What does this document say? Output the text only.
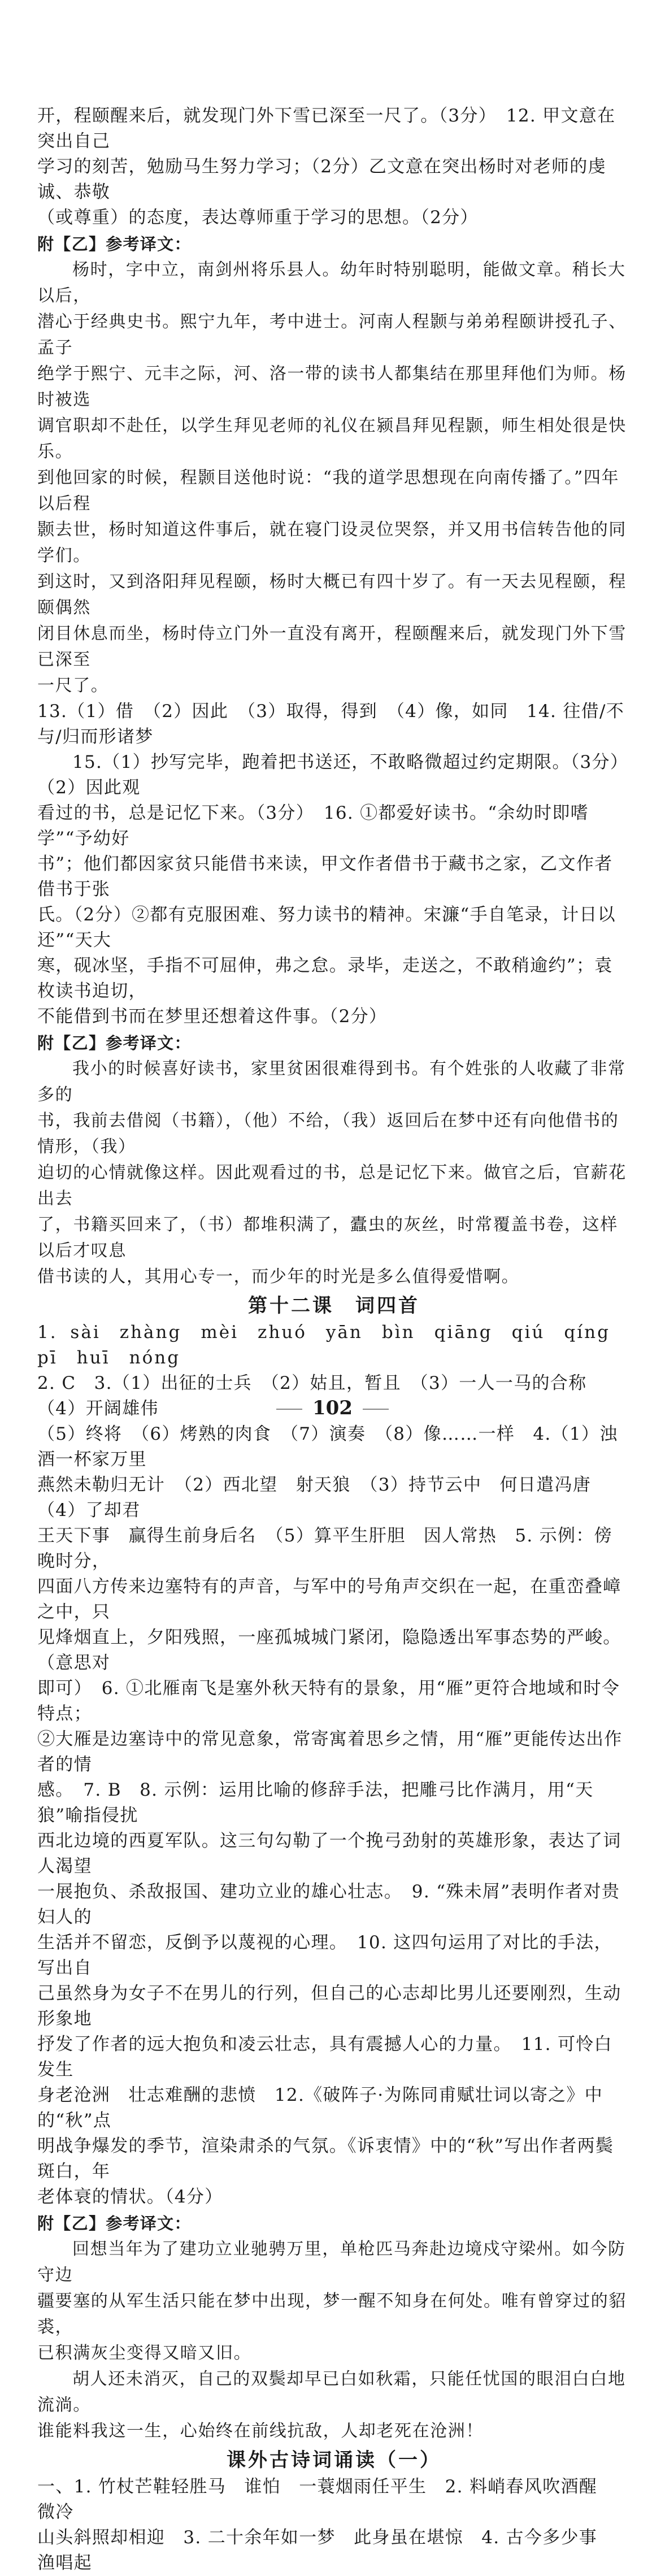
开，程颐醒来后，就发现门外下雪已深至一尺了。（3分）　12. 甲文意在突出自己

学习的刻苦，勉励马生努力学习；（2分）乙文意在突出杨时对老师的虔诚、恭敬

（或尊重）的态度，表达尊师重于学习的思想。（2分）

附【乙】参考译文：

杨时，字中立，南剑州将乐县人。幼年时特别聪明，能做文章。稍长大以后，

潜心于经典史书。熙宁九年，考中进士。河南人程颢与弟弟程颐讲授孔子、孟子

绝学于熙宁、元丰之际，河、洛一带的读书人都集结在那里拜他们为师。杨时被选

调官职却不赴任，以学生拜见老师的礼仪在颍昌拜见程颢，师生相处很是快乐。

到他回家的时候，程颢目送他时说：“我的道学思想现在向南传播了。”四年以后程

颢去世，杨时知道这件事后，就在寝门设灵位哭祭，并又用书信转告他的同学们。

到这时，又到洛阳拜见程颐，杨时大概已有四十岁了。有一天去见程颐，程颐偶然

闭目休息而坐，杨时侍立门外一直没有离开，程颐醒来后，就发现门外下雪已深至

一尺了。

13.（1）借　（2）因此　（3）取得，得到　（4）像，如同　14. 往借/不与/归而形诸梦

15.（1）抄写完毕，跑着把书送还，不敢略微超过约定期限。（3分）　（2）因此观

看过的书，总是记忆下来。（3分）　16. ①都爱好读书。“余幼时即嗜学”“予幼好

书”；他们都因家贫只能借书来读，甲文作者借书于藏书之家，乙文作者借书于张

氏。（2分）②都有克服困难、努力读书的精神。宋濂“手自笔录，计日以还”“天大

寒，砚冰坚，手指不可屈伸，弗之怠。录毕，走送之，不敢稍逾约”；袁枚读书迫切，

不能借到书而在梦里还想着这件事。（2分）

附【乙】参考译文：

我小的时候喜好读书，家里贫困很难得到书。有个姓张的人收藏了非常多的

书，我前去借阅（书籍），（他）不给，（我）返回后在梦中还有向他借书的情形，（我）

迫切的心情就像这样。因此观看过的书，总是记忆下来。做官之后，官薪花出去

了，书籍买回来了，（书）都堆积满了，蠹虫的灰丝，时常覆盖书卷，这样以后才叹息

借书读的人，其用心专一，而少年的时光是多么值得爱惜啊。

第十二课　词四首

1. sài　zhàng　mèi　zhuó　yān　bìn　qiāng　qiú　qíng　pī　huī　nóng

2. C　3.（1）出征的士兵　（2）姑且，暂且　（3）一人一马的合称　（4）开阔雄伟

（5）终将　（6）烤熟的肉食　（7）演奏　（8）像……一样　4.（1）浊酒一杯家万里

燕然未勒归无计　（2）西北望　射天狼　（3）持节云中　何日遣冯唐　（4）了却君

王天下事　赢得生前身后名　（5）算平生肝胆　因人常热　5. 示例：傍晚时分，

四面八方传来边塞特有的声音，与军中的号角声交织在一起，在重峦叠嶂之中，只

见烽烟直上，夕阳残照，一座孤城城门紧闭，隐隐透出军事态势的严峻。（意思对

即可）　6. ①北雁南飞是塞外秋天特有的景象，用“雁”更符合地域和时令特点；

②大雁是边塞诗中的常见意象，常寄寓着思乡之情，用“雁”更能传达出作者的情

感。　7. B　8. 示例：运用比喻的修辞手法，把雕弓比作满月，用“天狼”喻指侵扰

西北边境的西夏军队。这三句勾勒了一个挽弓劲射的英雄形象，表达了词人渴望

一展抱负、杀敌报国、建功立业的雄心壮志。　9. “殊未屑”表明作者对贵妇人的

生活并不留恋，反倒予以蔑视的心理。　10. 这四句运用了对比的手法，写出自

己虽然身为女子不在男儿的行列，但自己的心志却比男儿还要刚烈，生动形象地

抒发了作者的远大抱负和凌云壮志，具有震撼人心的力量。　11. 可怜白发生

身老沧洲　壮志难酬的悲愤　12.《破阵子·为陈同甫赋壮词以寄之》中的“秋”点

明战争爆发的季节，渲染肃杀的气氛。《诉衷情》中的“秋”写出作者两鬓斑白，年

老体衰的情状。（4分）

附【乙】参考译文：

回想当年为了建功立业驰骋万里，单枪匹马奔赴边境戍守梁州。如今防守边

疆要塞的从军生活只能在梦中出现，梦一醒不知身在何处。唯有曾穿过的貂裘，

已积满灰尘变得又暗又旧。

胡人还未消灭，自己的双鬓却早已白如秋霜，只能任忧国的眼泪白白地流淌。

谁能料我这一生，心始终在前线抗敌，人却老死在沧洲！

课外古诗词诵读（一）

一、1. 竹杖芒鞋轻胜马　谁怕　一蓑烟雨任平生　2. 料峭春风吹酒醒　微冷

山头斜照却相迎　3. 二十余年如一梦　此身虽在堪惊　4. 古今多少事　渔唱起

102
